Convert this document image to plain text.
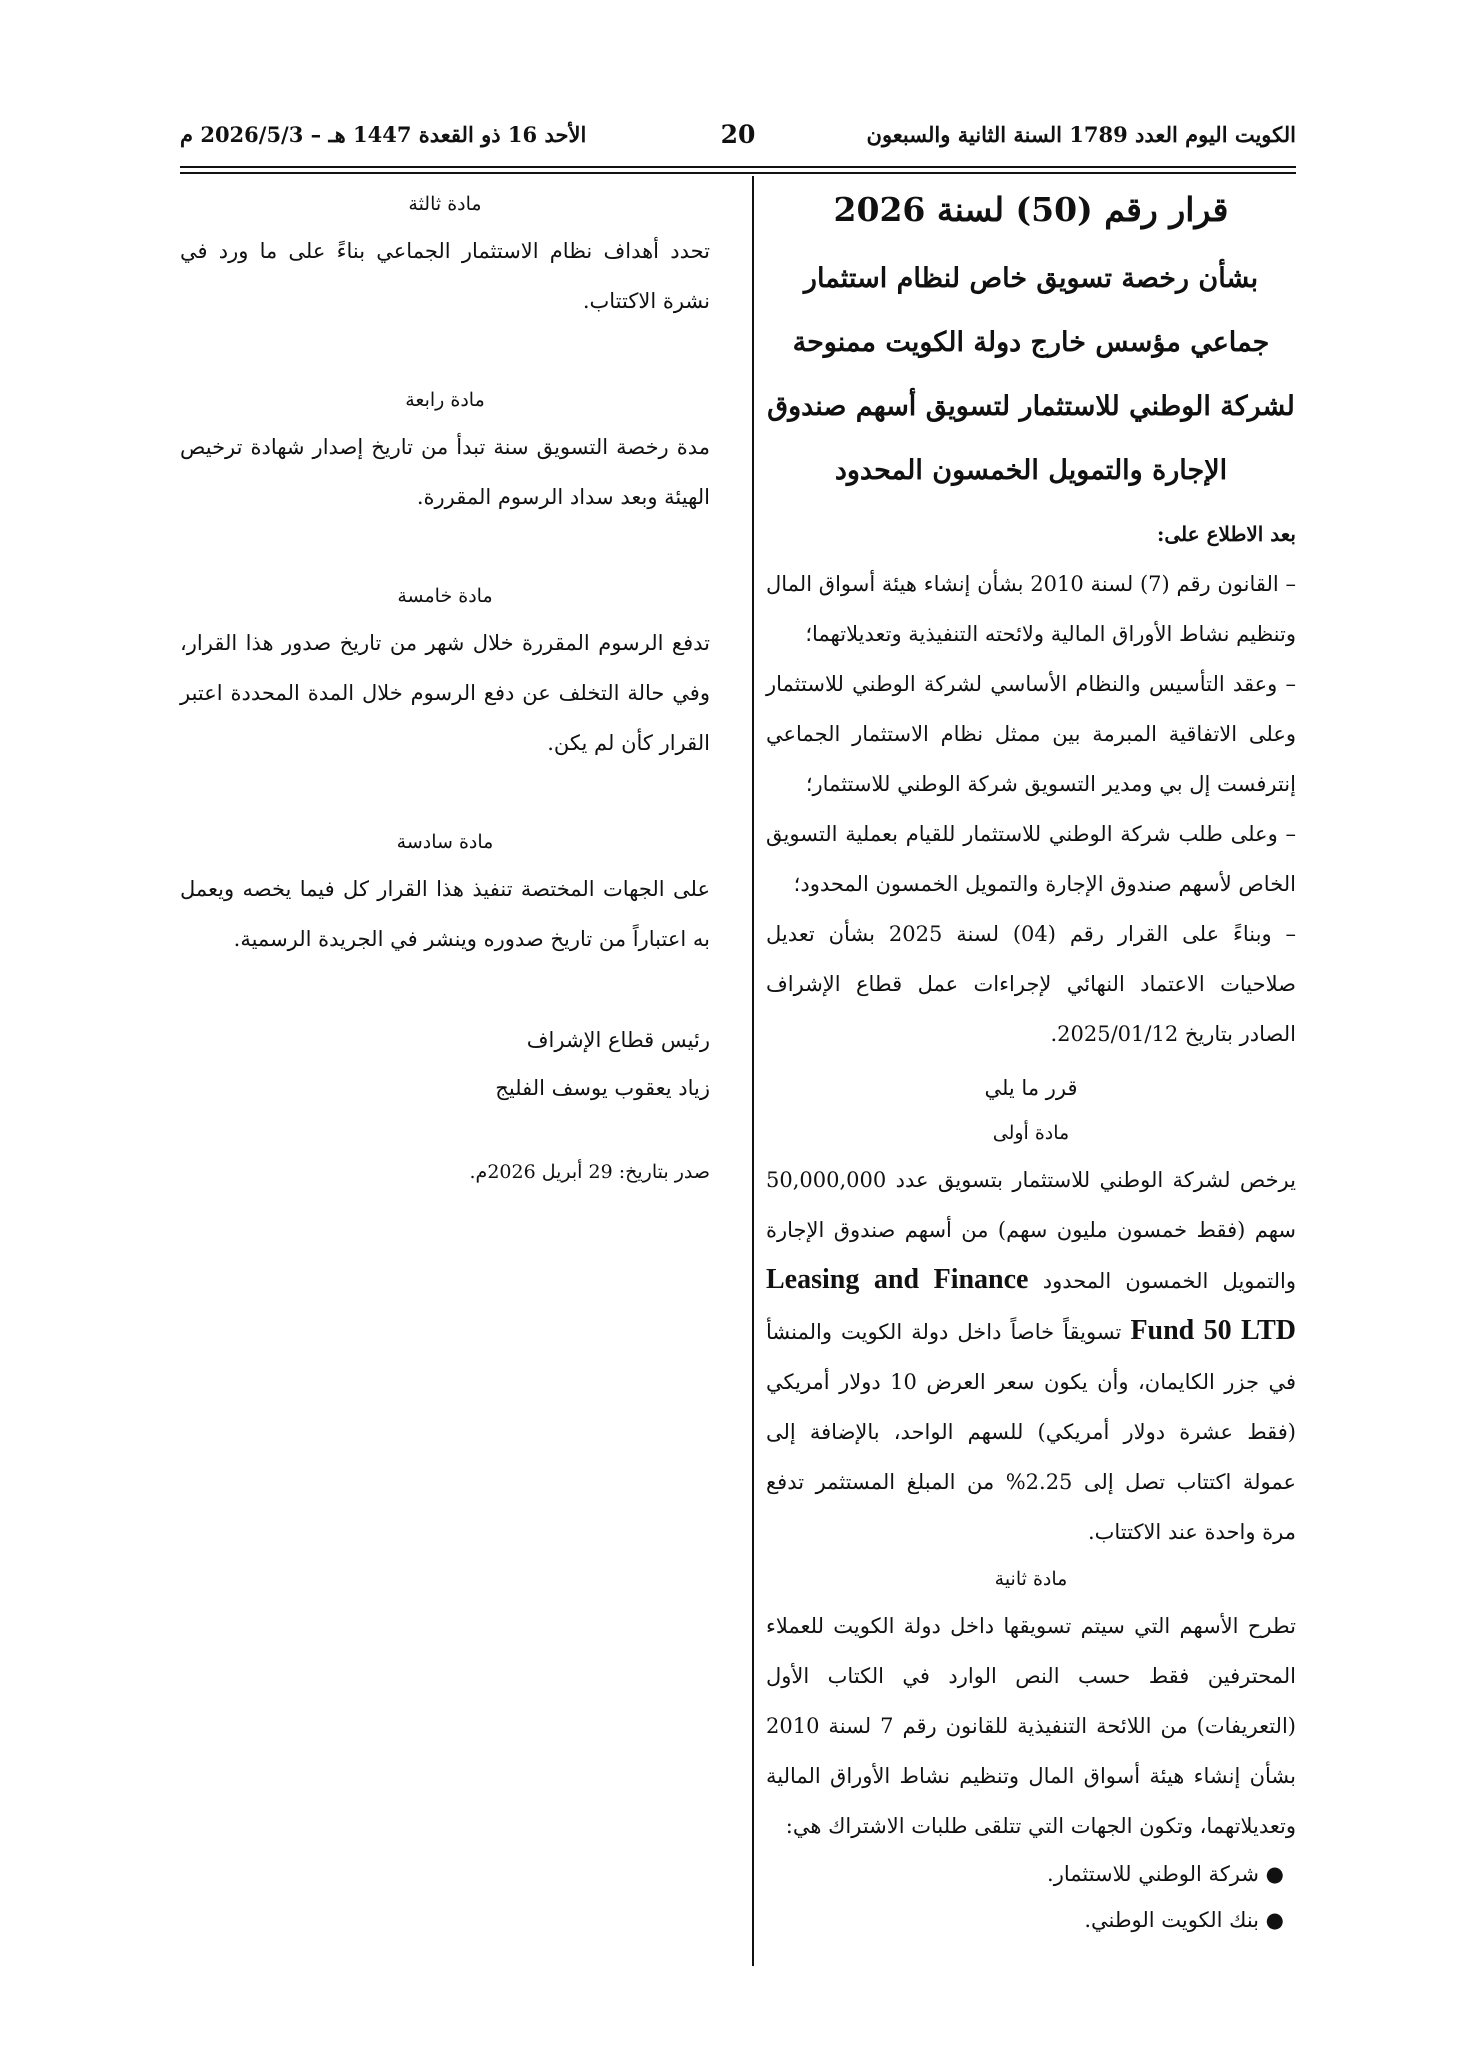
الكويت اليوم العدد 1789 السنة الثانية والسبعون
20
الأحد 16 ذو القعدة 1447 هـ – 2026/5/3 م
قرار رقم (50) لسنة 2026
بشأن رخصة تسويق خاص لنظام استثمار جماعي مؤسس خارج دولة الكويت ممنوحة لشركة الوطني للاستثمار لتسويق أسهم صندوق الإجارة والتمويل الخمسون المحدود

بعد الاطلاع على:

– القانون رقم (7) لسنة 2010 بشأن إنشاء هيئة أسواق المال وتنظيم نشاط الأوراق المالية ولائحته التنفيذية وتعديلاتهما؛

– وعقد التأسيس والنظام الأساسي لشركة الوطني للاستثمار وعلى الاتفاقية المبرمة بين ممثل نظام الاستثمار الجماعي إنترفست إل بي ومدير التسويق شركة الوطني للاستثمار؛

– وعلى طلب شركة الوطني للاستثمار للقيام بعملية التسويق الخاص لأسهم صندوق الإجارة والتمويل الخمسون المحدود؛

– وبناءً على القرار رقم (04) لسنة 2025 بشأن تعديل صلاحيات الاعتماد النهائي لإجراءات عمل قطاع الإشراف الصادر بتاريخ 2025/01/12.

قرر ما يلي
مادة أولى

يرخص لشركة الوطني للاستثمار بتسويق عدد 50,000,000 سهم (فقط خمسون مليون سهم) من أسهم صندوق الإجارة والتمويل الخمسون المحدود Leasing and Finance Fund 50 LTD تسويقاً خاصاً داخل دولة الكويت والمنشأ في جزر الكايمان، وأن يكون سعر العرض 10 دولار أمريكي (فقط عشرة دولار أمريكي) للسهم الواحد، بالإضافة إلى عمولة اكتتاب تصل إلى 2.25% من المبلغ المستثمر تدفع مرة واحدة عند الاكتتاب.

مادة ثانية

تطرح الأسهم التي سيتم تسويقها داخل دولة الكويت للعملاء المحترفين فقط حسب النص الوارد في الكتاب الأول (التعريفات) من اللائحة التنفيذية للقانون رقم 7 لسنة 2010 بشأن إنشاء هيئة أسواق المال وتنظيم نشاط الأوراق المالية وتعديلاتهما، وتكون الجهات التي تتلقى طلبات الاشتراك هي:

● شركة الوطني للاستثمار.
● بنك الكويت الوطني.
مادة ثالثة

تحدد أهداف نظام الاستثمار الجماعي بناءً على ما ورد في نشرة الاكتتاب.

مادة رابعة

مدة رخصة التسويق سنة تبدأ من تاريخ إصدار شهادة ترخيص الهيئة وبعد سداد الرسوم المقررة.

مادة خامسة

تدفع الرسوم المقررة خلال شهر من تاريخ صدور هذا القرار، وفي حالة التخلف عن دفع الرسوم خلال المدة المحددة اعتبر القرار كأن لم يكن.

مادة سادسة

على الجهات المختصة تنفيذ هذا القرار كل فيما يخصه ويعمل به اعتباراً من تاريخ صدوره وينشر في الجريدة الرسمية.

رئيس قطاع الإشراف
زياد يعقوب يوسف الفليج
صدر بتاريخ: 29 أبريل 2026م.
